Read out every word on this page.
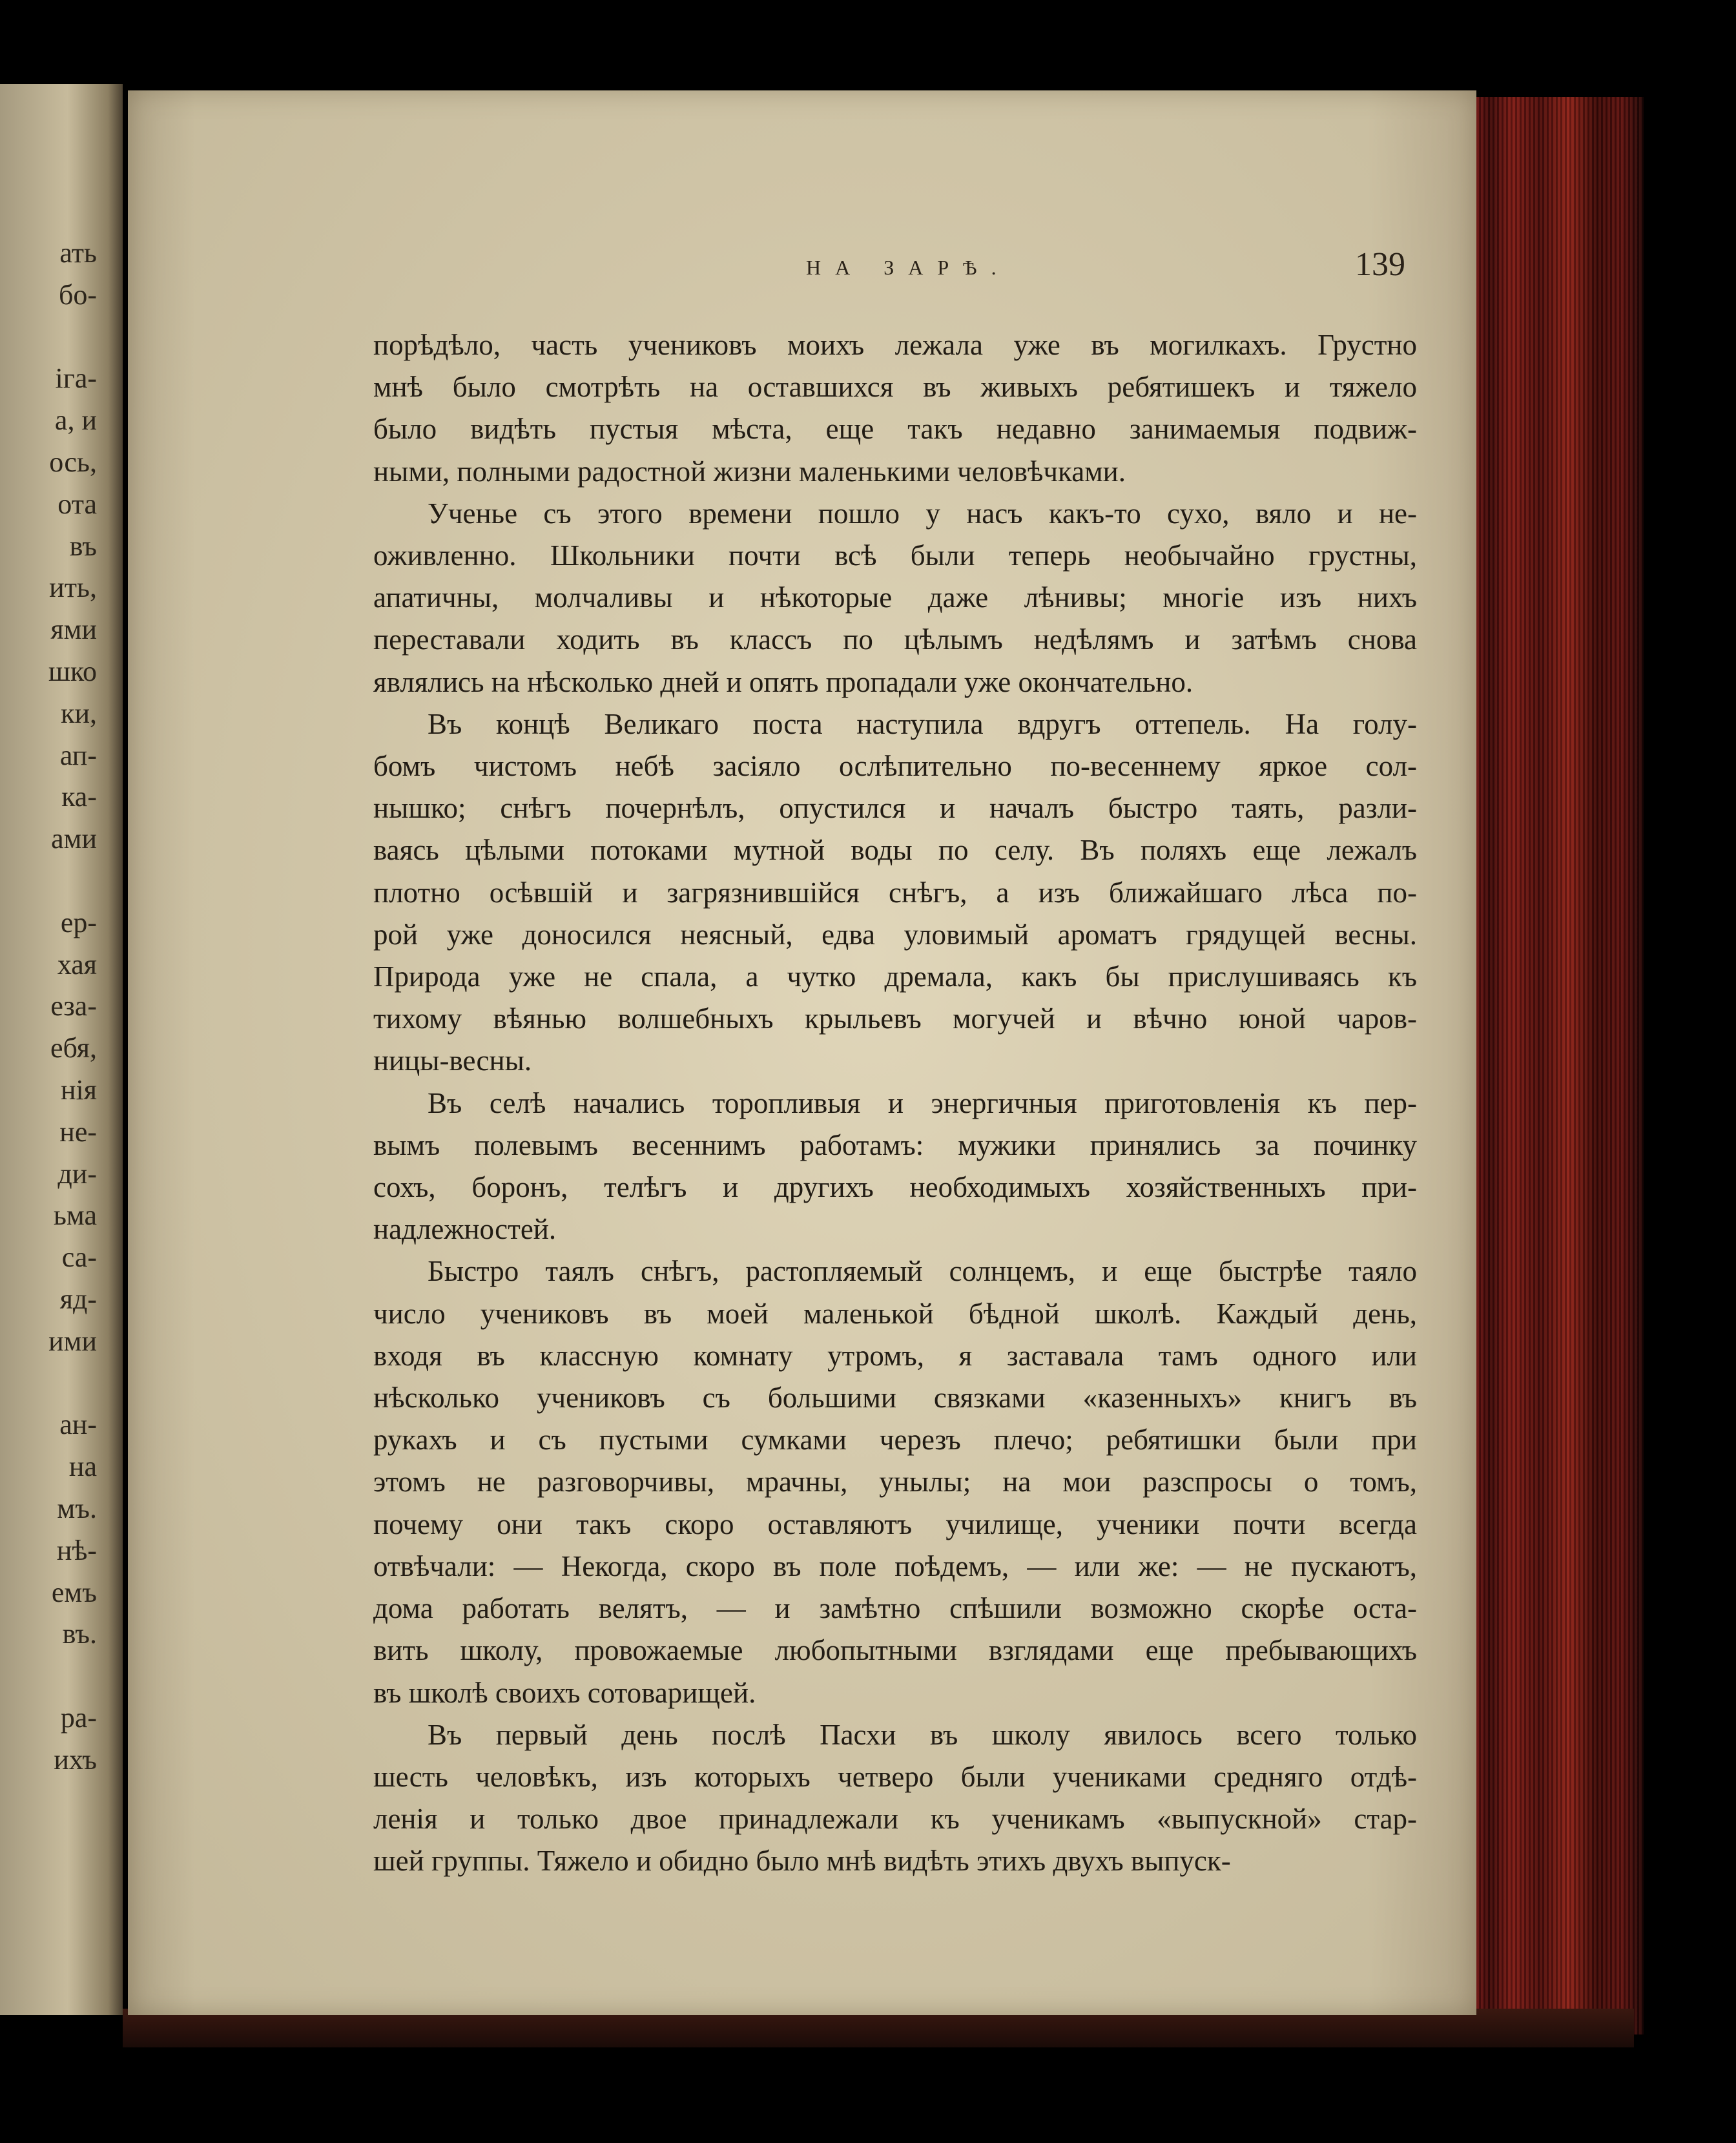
ать
бо-

іга-
а, и
ось,
ота
въ
ить,
ями
шко
ки,
ап-
ка-
ами

ер-
хая
еза-
ебя,
нія
не-
ди-
ьма
са-
яд-
ими

ан-
на
мъ.
нѣ-
емъ
въ.

ра-
ихъ
НА ЗАРѢ.	139
порѣдѣло, часть учениковъ моихъ лежала уже въ могилкахъ. Грустно
мнѣ было смотрѣть на оставшихся въ живыхъ ребятишекъ и тяжело
было видѣть пустыя мѣста, еще такъ недавно занимаемыя подвиж-
ными, полными радостной жизни маленькими человѣчками.
Ученье съ этого времени пошло у насъ какъ-то сухо, вяло и не-
оживленно. Школьники почти всѣ были теперь необычайно грустны,
апатичны, молчаливы и нѣкоторые даже лѣнивы; многіе изъ нихъ
переставали ходить въ классъ по цѣлымъ недѣлямъ и затѣмъ снова
являлись на нѣсколько дней и опять пропадали уже окончательно.
Въ концѣ Великаго поста наступила вдругъ оттепель. На голу-
бомъ чистомъ небѣ засіяло ослѣпительно по-весеннему яркое сол-
нышко; снѣгъ почернѣлъ, опустился и началъ быстро таять, разли-
ваясь цѣлыми потоками мутной воды по селу. Въ поляхъ еще лежалъ
плотно осѣвшій и загрязнившійся снѣгъ, а изъ ближайшаго лѣса по-
рой уже доносился неясный, едва уловимый ароматъ грядущей весны.
Природа уже не спала, а чутко дремала, какъ бы прислушиваясь къ
тихому вѣянью волшебныхъ крыльевъ могучей и вѣчно юной чаров-
ницы-весны.
Въ селѣ начались торопливыя и энергичныя приготовленія къ пер-
вымъ полевымъ весеннимъ работамъ: мужики принялись за починку
сохъ, боронъ, телѣгъ и другихъ необходимыхъ хозяйственныхъ при-
надлежностей.
Быстро таялъ снѣгъ, растопляемый солнцемъ, и еще быстрѣе таяло
число учениковъ въ моей маленькой бѣдной школѣ. Каждый день,
входя въ классную комнату утромъ, я заставала тамъ одного или
нѣсколько учениковъ съ большими связками «казенныхъ» книгъ въ
рукахъ и съ пустыми сумками черезъ плечо; ребятишки были при
этомъ не разговорчивы, мрачны, унылы; на мои разспросы о томъ,
почему они такъ скоро оставляютъ училище, ученики почти всегда
отвѣчали: — Некогда, скоро въ поле поѣдемъ, — или же: — не пускаютъ,
дома работать велятъ, — и замѣтно спѣшили возможно скорѣе оста-
вить школу, провожаемые любопытными взглядами еще пребывающихъ
въ школѣ своихъ сотоварищей.
Въ первый день послѣ Пасхи въ школу явилось всего только
шесть человѣкъ, изъ которыхъ четверо были учениками средняго отдѣ-
ленія и только двое принадлежали къ ученикамъ «выпускной» стар-
шей группы. Тяжело и обидно было мнѣ видѣть этихъ двухъ выпуск-
